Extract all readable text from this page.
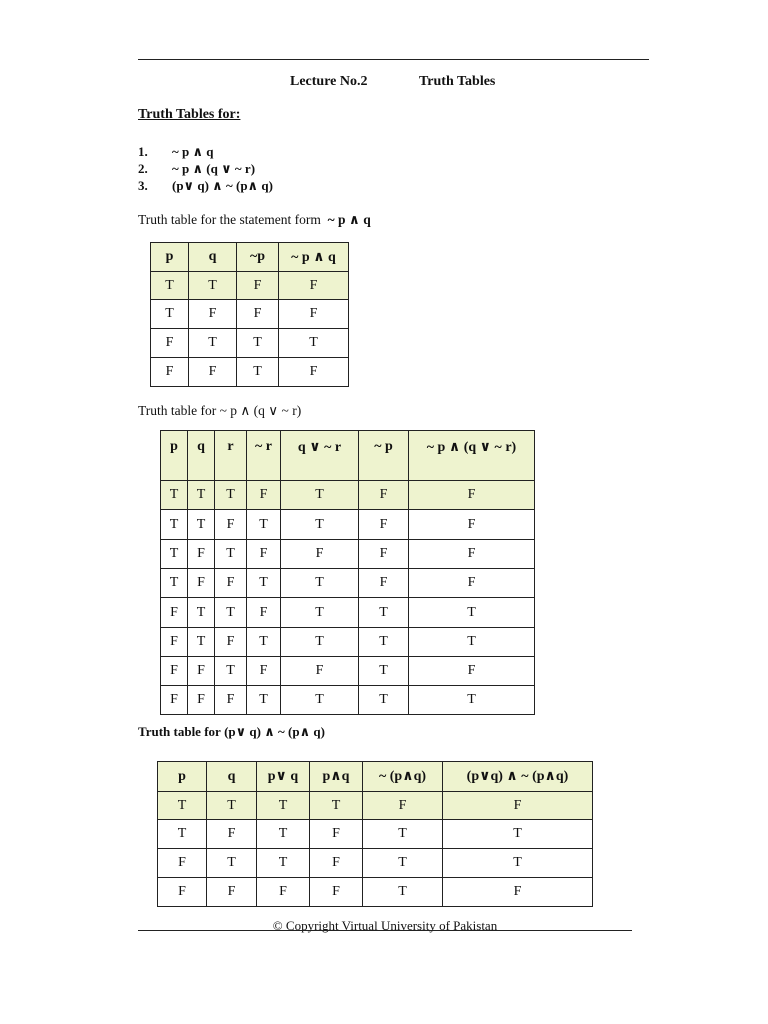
Lecture No.2	Truth Tables
Truth Tables for:
1.	~ p ∧ q
2.	~ p ∧ (q ∨ ~ r)
3.	(p∨ q) ∧ ~ (p∧ q)
Truth table for the statement form ~ p ∧ q
p	q	~p	~ p ∧ q
T	T	F	F
T	F	F	F
F	T	T	T
F	F	T	F
Truth table for ~ p ∧ (q ∨ ~ r)
p	q	r	~ r	q ∨ ~ r	~ p	~ p ∧ (q ∨ ~ r)
T	T	T	F	T	F	F
T	T	F	T	T	F	F
T	F	T	F	F	F	F
T	F	F	T	T	F	F
F	T	T	F	T	T	T
F	T	F	T	T	T	T
F	F	T	F	F	T	F
F	F	F	T	T	T	T
Truth table for (p∨ q) ∧ ~ (p∧ q)
p	q	p∨ q	p∧q	~ (p∧q)	(p∨q) ∧ ~ (p∧q)
T	T	T	T	F	F
T	F	T	F	T	T
F	T	T	F	T	T
F	F	F	F	T	F
© Copyright Virtual University of Pakistan
